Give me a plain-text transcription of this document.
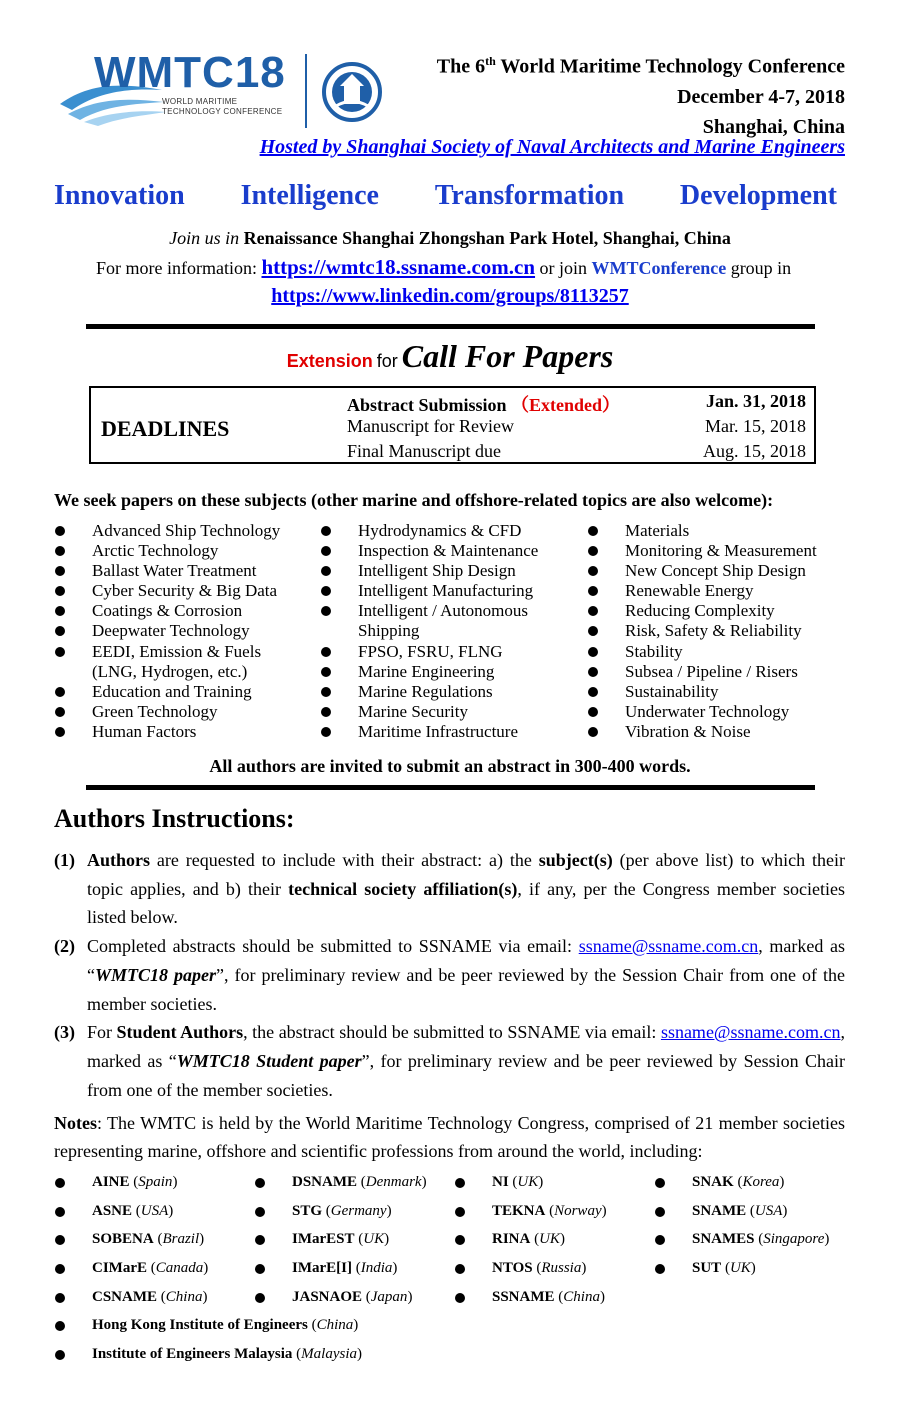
WMTC18
WORLD MARITIME
TECHNOLOGY CONFERENCE
The 6th World Maritime Technology Conference
December 4-7, 2018
Shanghai, China
Hosted by Shanghai Society of Naval Architects and Marine Engineers
Innovation Intelligence Transformation Development
Join us in Renaissance Shanghai Zhongshan Park Hotel, Shanghai, China
For more information: https://wmtc18.ssname.com.cn or join WMTConference group in
https://www.linkedin.com/groups/8113257
Extension for Call For Papers
DEADLINES
Abstract Submission （Extended）	Jan. 31, 2018
Manuscript for Review	Mar. 15, 2018
Final Manuscript due	Aug. 15, 2018
We seek papers on these subjects (other marine and offshore-related topics are also welcome):
Advanced Ship Technology
Arctic Technology
Ballast Water Treatment
Cyber Security & Big Data
Coatings & Corrosion
Deepwater Technology
EEDI, Emission & Fuels
(LNG, Hydrogen, etc.)
Education and Training
Green Technology
Human Factors
Hydrodynamics & CFD
Inspection & Maintenance
Intelligent Ship Design
Intelligent Manufacturing
Intelligent / Autonomous
Shipping
FPSO, FSRU, FLNG
Marine Engineering
Marine Regulations
Marine Security
Maritime Infrastructure
Materials
Monitoring & Measurement
New Concept Ship Design
Renewable Energy
Reducing Complexity
Risk, Safety & Reliability
Stability
Subsea / Pipeline / Risers
Sustainability
Underwater Technology
Vibration & Noise
All authors are invited to submit an abstract in 300-400 words.
Authors Instructions:
(1) Authors are requested to include with their abstract: a) the subject(s) (per above list) to which their topic applies, and b) their technical society affiliation(s), if any, per the Congress member societies listed below.
(2) Completed abstracts should be submitted to SSNAME via email: ssname@ssname.com.cn, marked as “WMTC18 paper”, for preliminary review and be peer reviewed by the Session Chair from one of the member societies.
(3) For Student Authors, the abstract should be submitted to SSNAME via email: ssname@ssname.com.cn, marked as “WMTC18 Student paper”, for preliminary review and be peer reviewed by Session Chair from one of the member societies.
Notes: The WMTC is held by the World Maritime Technology Congress, comprised of 21 member societies representing marine, offshore and scientific professions from around the world, including:
AINE (Spain)
ASNE (USA)
SOBENA (Brazil)
CIMarE (Canada)
CSNAME (China)
DSNAME (Denmark)
STG (Germany)
IMarEST (UK)
IMarE[I] (India)
JASNAOE (Japan)
NI (UK)
TEKNA (Norway)
RINA (UK)
NTOS (Russia)
SSNAME (China)
SNAK (Korea)
SNAME (USA)
SNAMES (Singapore)
SUT (UK)
Hong Kong Institute of Engineers (China)
Institute of Engineers Malaysia (Malaysia)
